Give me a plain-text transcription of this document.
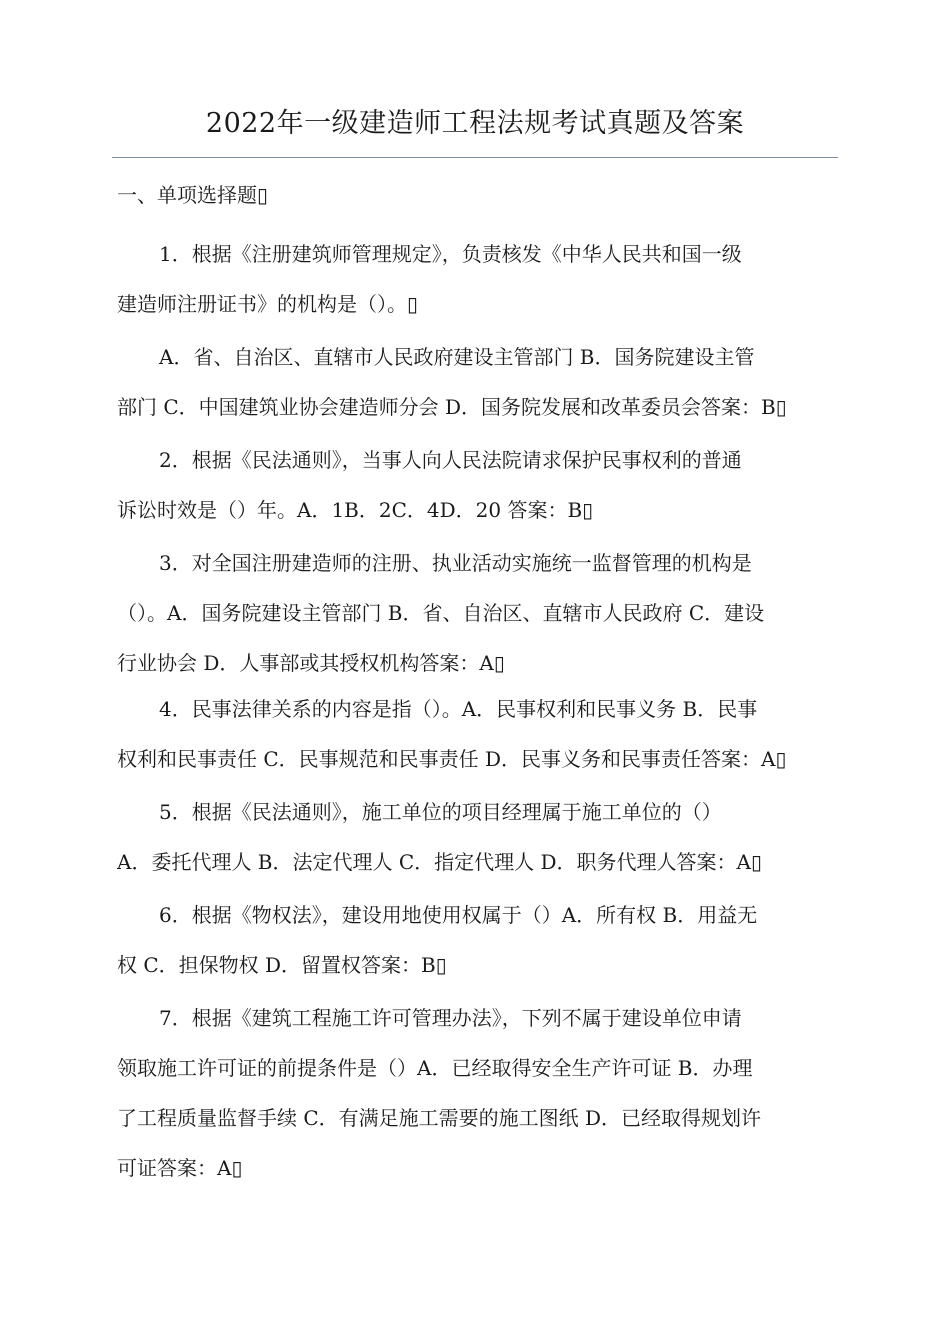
2022年一级建造师工程法规考试真题及答案
一、单项选择题▯
1．根据《注册建筑师管理规定》，负责核发《中华人民共和国一级
建造师注册证书》的机构是（）。▯
A．省、自治区、直辖市人民政府建设主管部门 B．国务院建设主管
部门 C．中国建筑业协会建造师分会 D．国务院发展和改革委员会答案：B▯
2．根据《民法通则》，当事人向人民法院请求保护民事权利的普通
诉讼时效是（）年。A．1B．2C．4D．20 答案：B▯
3．对全国注册建造师的注册、执业活动实施统一监督管理的机构是
（）。A．国务院建设主管部门 B．省、自治区、直辖市人民政府 C．建设
行业协会 D．人事部或其授权机构答案：A▯
4．民事法律关系的内容是指（）。A．民事权利和民事义务 B．民事
权利和民事责任 C．民事规范和民事责任 D．民事义务和民事责任答案：A▯
5．根据《民法通则》，施工单位的项目经理属于施工单位的（）
A．委托代理人 B．法定代理人 C．指定代理人 D．职务代理人答案：A▯
6．根据《物权法》，建设用地使用权属于（）A．所有权 B．用益无
权 C．担保物权 D．留置权答案：B▯
7．根据《建筑工程施工许可管理办法》，下列不属于建设单位申请
领取施工许可证的前提条件是（）A．已经取得安全生产许可证 B．办理
了工程质量监督手续 C．有满足施工需要的施工图纸 D．已经取得规划许
可证答案：A▯
